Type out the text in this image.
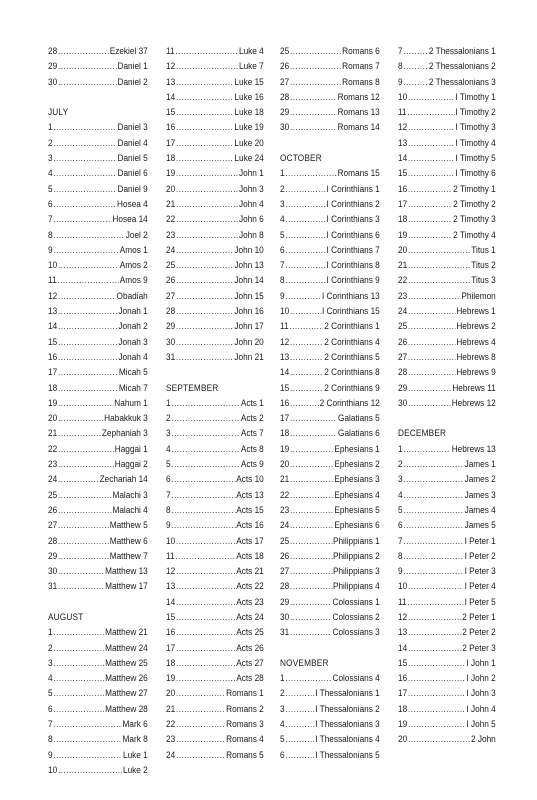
28 .....	Ezekiel 37
29 .....	Daniel 1
30 .....	Daniel 2
JULY
1 .....	Daniel 3
2 .....	Daniel 4
3 .....	Daniel 5
4 .....	Daniel 6
5 .....	Daniel 9
6 .....	Hosea 4
7 .....	Hosea 14
8 .....	Joel 2
9 .....	Amos 1
10 .....	Amos 2
11 .....	Amos 9
12 .....	Obadiah
13 .....	Jonah 1
14 .....	Jonah 2
15 .....	Jonah 3
16 .....	Jonah 4
17 .....	Micah 5
18 .....	Micah 7
19 .....	Nahum 1
20 .....	Habakkuk 3
21 .....	Zephaniah 3
22 .....	Haggai 1
23 .....	Haggai 2
24 .....	Zechariah 14
25 .....	Malachi 3
26 .....	Malachi 4
27 .....	Matthew 5
28 .....	Matthew 6
29 .....	Matthew 7
30 .....	Matthew 13
31 .....	Matthew 17
AUGUST
1 .....	Matthew 21
2 .....	Matthew 24
3 .....	Matthew 25
4 .....	Matthew 26
5 .....	Matthew 27
6 .....	Matthew 28
7 .....	Mark 6
8 .....	Mark 8
9 .....	Luke 1
10 .....	Luke 2
11 .....	Luke 4
12 .....	Luke 7
13 .....	Luke 15
14 .....	Luke 16
15 .....	Luke 18
16 .....	Luke 19
17 .....	Luke 20
18 .....	Luke 24
19 .....	John 1
20 .....	John 3
21 .....	John 4
22 .....	John 6
23 .....	John 8
24 .....	John 10
25 .....	John 13
26 .....	John 14
27 .....	John 15
28 .....	John 16
29 .....	John 17
30 .....	John 20
31 .....	John 21
SEPTEMBER
1 .....	Acts 1
2 .....	Acts 2
3 .....	Acts 7
4 .....	Acts 8
5 .....	Acts 9
6 .....	Acts 10
7 .....	Acts 13
8 .....	Acts 15
9 .....	Acts 16
10 .....	Acts 17
11 .....	Acts 18
12 .....	Acts 21
13 .....	Acts 22
14 .....	Acts 23
15 .....	Acts 24
16 .....	Acts 25
17 .....	Acts 26
18 .....	Acts 27
19 .....	Acts 28
20 .....	Romans 1
21 .....	Romans 2
22 .....	Romans 3
23 .....	Romans 4
24 .....	Romans 5
25 .....	Romans 6
26 .....	Romans 7
27 .....	Romans 8
28 .....	Romans 12
29 .....	Romans 13
30 .....	Romans 14
OCTOBER
1 .....	Romans 15
2 .....	I Corinthians 1
3 .....	I Corinthians 2
4 .....	I Corinthians 3
5 .....	I Corinthians 6
6 .....	I Corinthians 7
7 .....	I Corinthians 8
8 .....	I Corinthians 9
9 .....	I Corinthians 13
10 .....	I Corinthians 15
11 .....	2 Corinthians 1
12 .....	2 Corinthians 4
13 .....	2 Corinthians 5
14 .....	2 Corinthians 8
15 .....	2 Corinthians 9
16 .....	2 Corinthians 12
17 .....	Galatians 5
18 .....	Galatians 6
19 .....	Ephesians 1
20 .....	Ephesians 2
21 .....	Ephesians 3
22 .....	Ephesians 4
23 .....	Ephesians 5
24 .....	Ephesians 6
25 .....	Philippians 1
26 .....	Philippians 2
27 .....	Philippians 3
28 .....	Philippians 4
29 .....	Colossians 1
30 .....	Colossians 2
31 .....	Colossians 3
NOVEMBER
1 .....	Colossians 4
2 .....	I Thessalonians 1
3 .....	I Thessalonians 2
4 .....	I Thessalonians 3
5 .....	I Thessalonians 4
6 .....	I Thessalonians 5
7 .....	2 Thessalonians 1
8 .....	2 Thessalonians 2
9 .....	2 Thessalonians 3
10 .....	I Timothy 1
11 .....	I Timothy 2
12 .....	I Timothy 3
13 .....	I Timothy 4
14 .....	I Timothy 5
15 .....	I Timothy 6
16 .....	2 Timothy 1
17 .....	2 Timothy 2
18 .....	2 Timothy 3
19 .....	2 Timothy 4
20 .....	Titus 1
21 .....	Titus 2
22 .....	Titus 3
23 .....	Philemon
24 .....	Hebrews 1
25 .....	Hebrews 2
26 .....	Hebrews 4
27 .....	Hebrews 8
28 .....	Hebrews 9
29 .....	Hebrews 11
30 .....	Hebrews 12
DECEMBER
1 .....	Hebrews 13
2 .....	James 1
3 .....	James 2
4 .....	James 3
5 .....	James 4
6 .....	James 5
7 .....	I Peter 1
8 .....	I Peter 2
9 .....	I Peter 3
10 .....	I Peter 4
11 .....	I Peter 5
12 .....	2 Peter 1
13 .....	2 Peter 2
14 .....	2 Peter 3
15 .....	I John 1
16 .....	I John 2
17 .....	I John 3
18 .....	I John 4
19 .....	I John 5
20 .....	2 John
